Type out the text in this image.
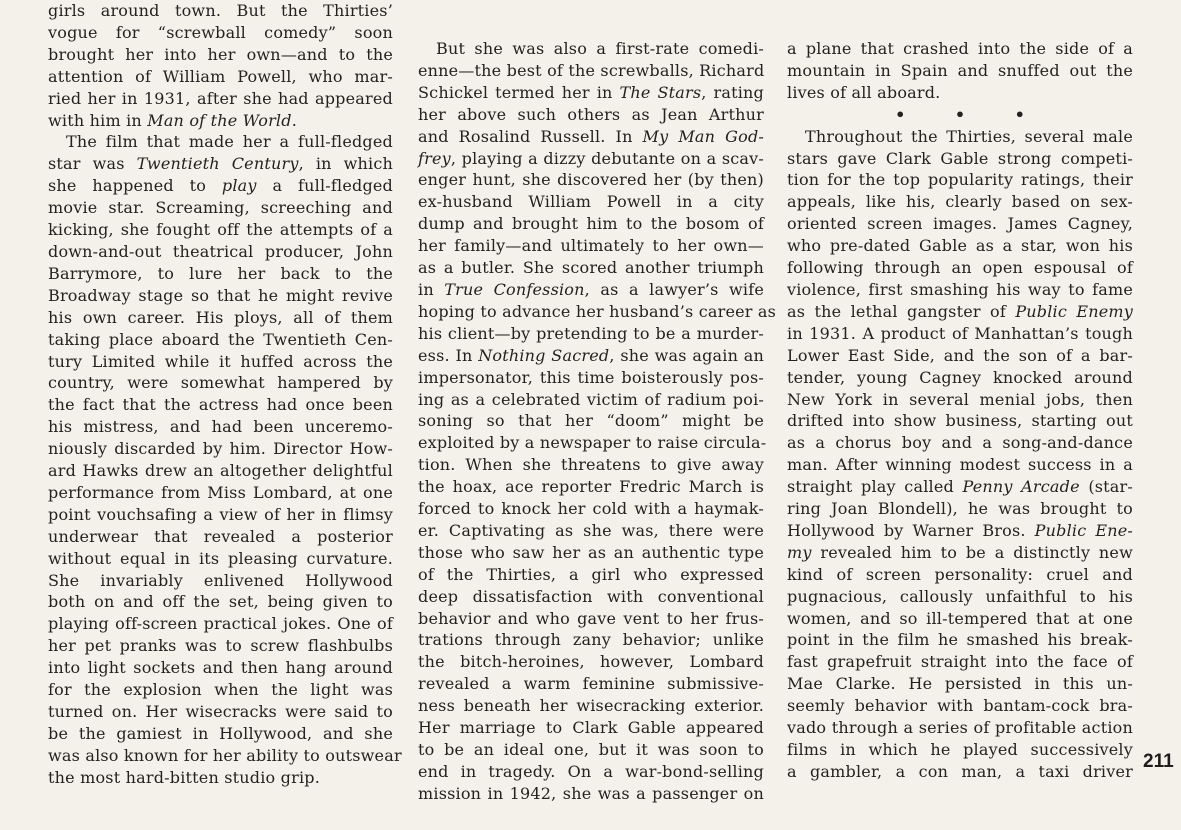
girls around town. But the Thirties’
vogue for “screwball comedy” soon
brought her into her own—and to the
attention of William Powell, who mar-
ried her in 1931, after she had appeared
with him in Man of the World.
The film that made her a full-fledged
star was Twentieth Century, in which
she happened to play a full-fledged
movie star. Screaming, screeching and
kicking, she fought off the attempts of a
down-and-out theatrical producer, John
Barrymore, to lure her back to the
Broadway stage so that he might revive
his own career. His ploys, all of them
taking place aboard the Twentieth Cen-
tury Limited while it huffed across the
country, were somewhat hampered by
the fact that the actress had once been
his mistress, and had been unceremo-
niously discarded by him. Director How-
ard Hawks drew an altogether delightful
performance from Miss Lombard, at one
point vouchsafing a view of her in flimsy
underwear that revealed a posterior
without equal in its pleasing curvature.
She invariably enlivened Hollywood
both on and off the set, being given to
playing off-screen practical jokes. One of
her pet pranks was to screw flashbulbs
into light sockets and then hang around
for the explosion when the light was
turned on. Her wisecracks were said to
be the gamiest in Hollywood, and she
was also known for her ability to outswear
the most hard-bitten studio grip.
But she was also a first-rate comedi-
enne—the best of the screwballs, Richard
Schickel termed her in The Stars, rating
her above such others as Jean Arthur
and Rosalind Russell. In My Man God-
frey, playing a dizzy debutante on a scav-
enger hunt, she discovered her (by then)
ex-husband William Powell in a city
dump and brought him to the bosom of
her family—and ultimately to her own—
as a butler. She scored another triumph
in True Confession, as a lawyer’s wife
hoping to advance her husband’s career as
his client—by pretending to be a murder-
ess. In Nothing Sacred, she was again an
impersonator, this time boisterously pos-
ing as a celebrated victim of radium poi-
soning so that her “doom” might be
exploited by a newspaper to raise circula-
tion. When she threatens to give away
the hoax, ace reporter Fredric March is
forced to knock her cold with a haymak-
er. Captivating as she was, there were
those who saw her as an authentic type
of the Thirties, a girl who expressed
deep dissatisfaction with conventional
behavior and who gave vent to her frus-
trations through zany behavior; unlike
the bitch-heroines, however, Lombard
revealed a warm feminine submissive-
ness beneath her wisecracking exterior.
Her marriage to Clark Gable appeared
to be an ideal one, but it was soon to
end in tragedy. On a war-bond-selling
mission in 1942, she was a passenger on
a plane that crashed into the side of a
mountain in Spain and snuffed out the
lives of all aboard.
• • •
Throughout the Thirties, several male
stars gave Clark Gable strong competi-
tion for the top popularity ratings, their
appeals, like his, clearly based on sex-
oriented screen images. James Cagney,
who pre-dated Gable as a star, won his
following through an open espousal of
violence, first smashing his way to fame
as the lethal gangster of Public Enemy
in 1931. A product of Manhattan’s tough
Lower East Side, and the son of a bar-
tender, young Cagney knocked around
New York in several menial jobs, then
drifted into show business, starting out
as a chorus boy and a song-and-dance
man. After winning modest success in a
straight play called Penny Arcade (star-
ring Joan Blondell), he was brought to
Hollywood by Warner Bros. Public Ene-
my revealed him to be a distinctly new
kind of screen personality: cruel and
pugnacious, callously unfaithful to his
women, and so ill-tempered that at one
point in the film he smashed his break-
fast grapefruit straight into the face of
Mae Clarke. He persisted in this un-
seemly behavior with bantam-cock bra-
vado through a series of profitable action
films in which he played successively
a gambler, a con man, a taxi driver 211
